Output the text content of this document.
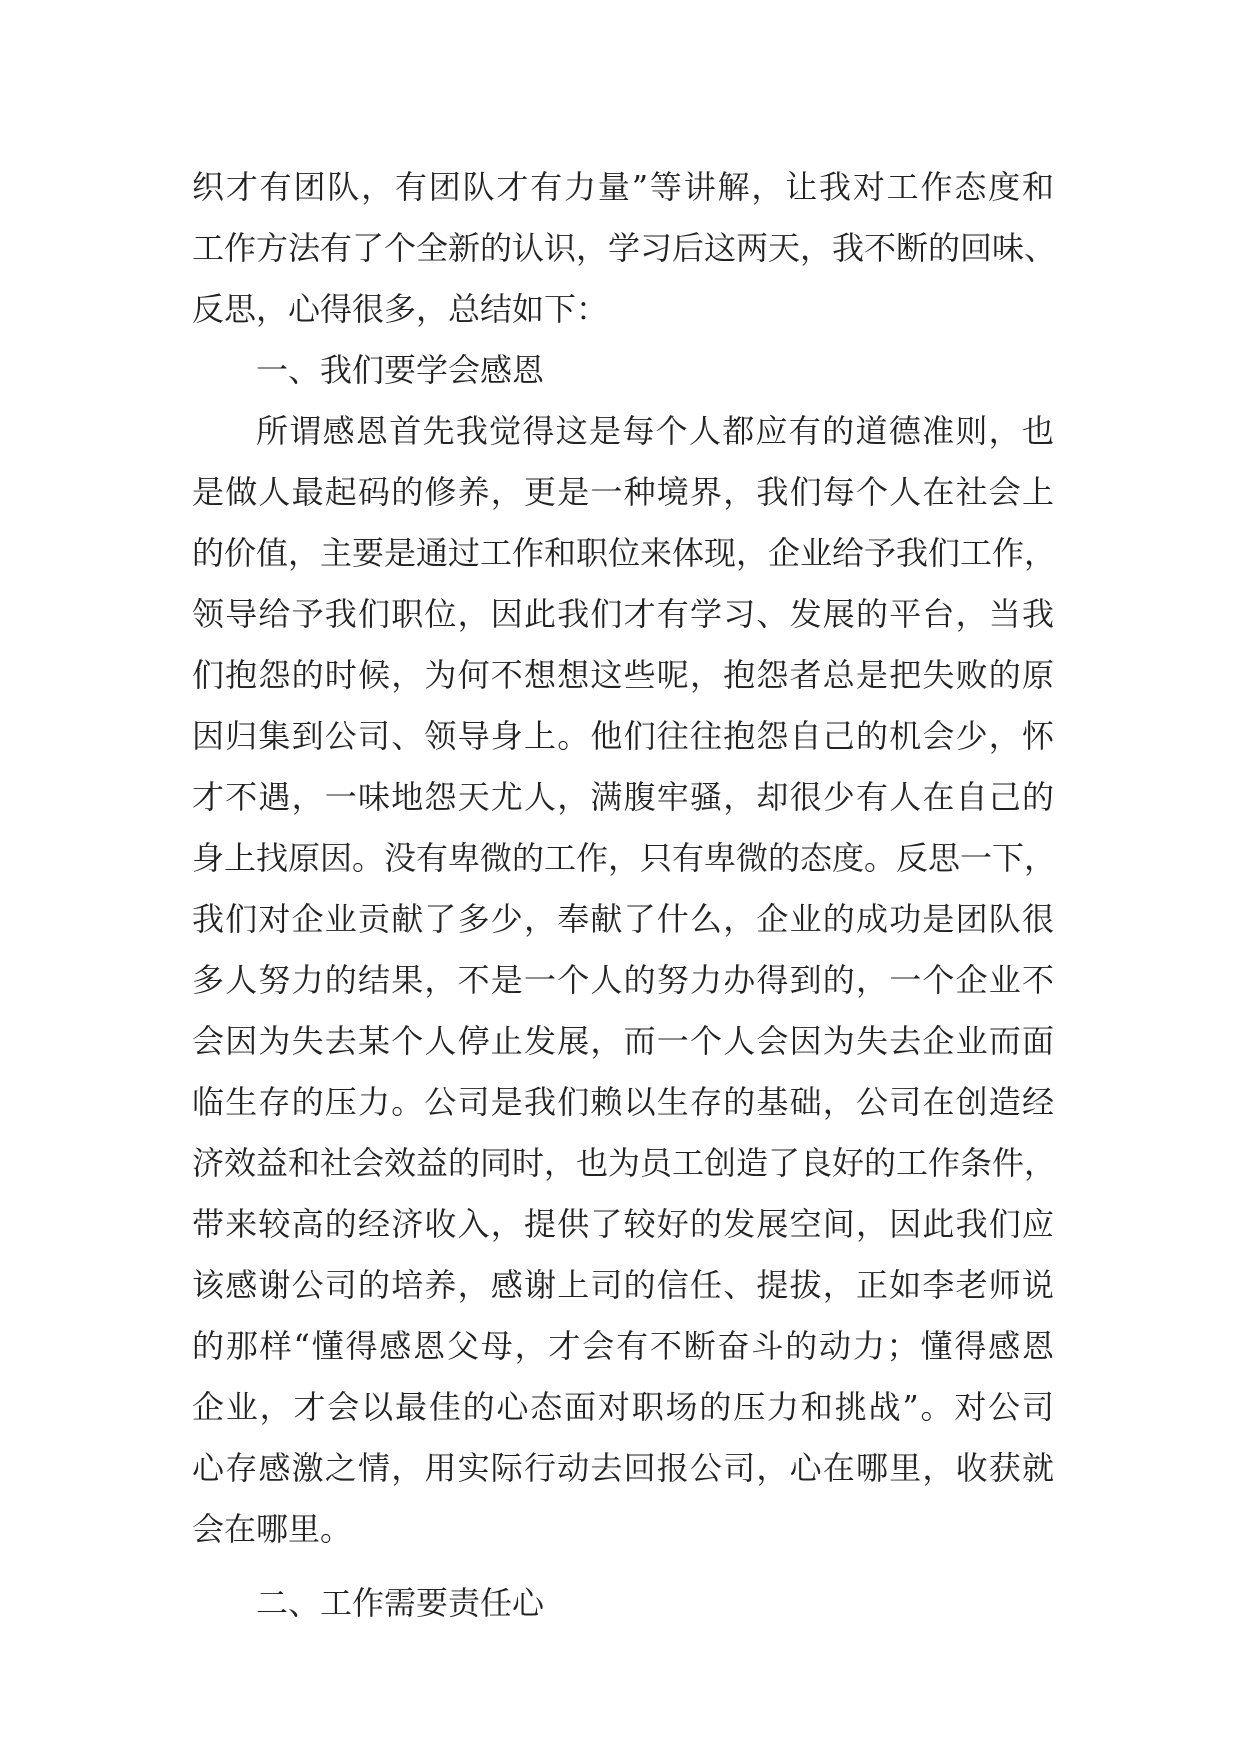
织才有团队，有团队才有力量”等讲解，让我对工作态度和
工作方法有了个全新的认识，学习后这两天，我不断的回味、
反思，心得很多，总结如下：
一、我们要学会感恩
所谓感恩首先我觉得这是每个人都应有的道德准则，也
是做人最起码的修养，更是一种境界，我们每个人在社会上
的价值，主要是通过工作和职位来体现，企业给予我们工作，
领导给予我们职位，因此我们才有学习、发展的平台，当我
们抱怨的时候，为何不想想这些呢，抱怨者总是把失败的原
因归集到公司、领导身上。他们往往抱怨自己的机会少，怀
才不遇，一味地怨天尤人，满腹牢骚，却很少有人在自己的
身上找原因。没有卑微的工作，只有卑微的态度。反思一下，
我们对企业贡献了多少，奉献了什么，企业的成功是团队很
多人努力的结果，不是一个人的努力办得到的，一个企业不
会因为失去某个人停止发展，而一个人会因为失去企业而面
临生存的压力。公司是我们赖以生存的基础，公司在创造经
济效益和社会效益的同时，也为员工创造了良好的工作条件，
带来较高的经济收入，提供了较好的发展空间，因此我们应
该感谢公司的培养，感谢上司的信任、提拔，正如李老师说
的那样“懂得感恩父母，才会有不断奋斗的动力；懂得感恩
企业，才会以最佳的心态面对职场的压力和挑战”。对公司
心存感激之情，用实际行动去回报公司，心在哪里，收获就
会在哪里。
二、工作需要责任心
